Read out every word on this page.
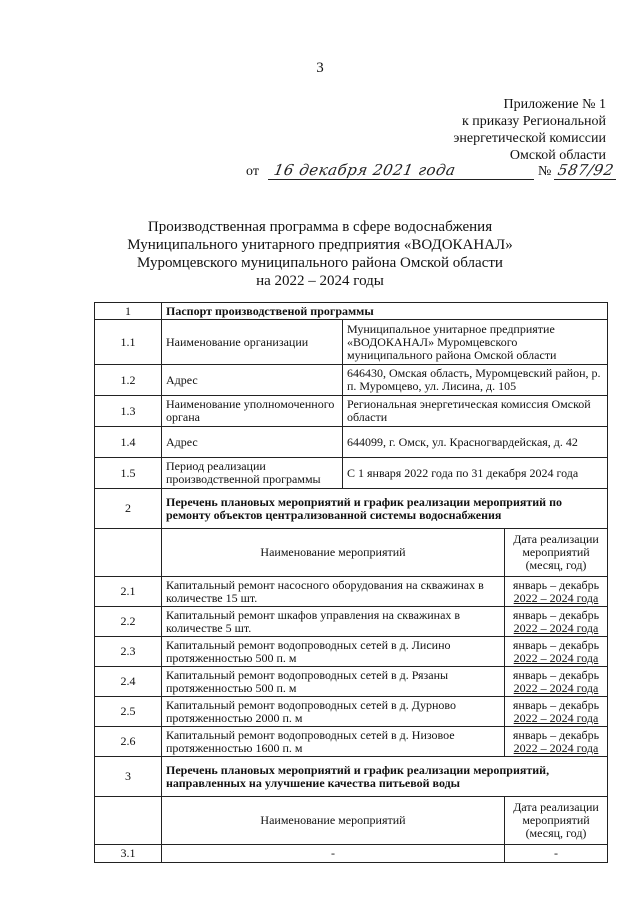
3
Приложение № 1
к приказу Региональной
энергетической комиссии
Омской области
от 16 декабря 2021 года	№ 587/92
Производственная программа в сфере водоснабжения
Муниципального унитарного предприятия «ВОДОКАНАЛ»
Муромцевского муниципального района Омской области
на 2022 – 2024 годы
1	Паспорт производственой программы		
1.1	Наименование организации	Муниципальное унитарное предприятие «ВОДОКАНАЛ» Муромцевского муниципального района Омской области	
1.2	Адрес	646430, Омская область, Муромцевский район, р. п. Муромцево, ул. Лисина, д. 105	
1.3	Наименование уполномоченного органа	Региональная энергетическая комиссия Омской области	
1.4	Адрес	644099, г. Омск, ул. Красногвардейская, д. 42	
1.5	Период реализации производственной программы	С 1 января 2022 года по 31 декабря 2024 года	
2	Перечень плановых мероприятий и график реализации мероприятий по ремонту объектов централизованной системы водоснабжения		
	Наименование мероприятий		Дата реализации мероприятий (месяц, год)
2.1	Капитальный ремонт насосного оборудования на скважинах в количестве 15 шт.		январь – декабрь
2022 – 2024 года

2.2	Капитальный ремонт шкафов управления на скважинах в количестве 5 шт.		январь – декабрь
2022 – 2024 года

2.3	Капитальный ремонт водопроводных сетей в д. Лисино протяженностью 500 п. м		январь – декабрь
2022 – 2024 года

2.4	Капитальный ремонт водопроводных сетей в д. Рязаны протяженностью 500 п. м		январь – декабрь
2022 – 2024 года

2.5	Капитальный ремонт водопроводных сетей в д. Дурново протяженностью 2000 п. м		январь – декабрь
2022 – 2024 года

2.6	Капитальный ремонт водопроводных сетей в д. Низовое протяженностью 1600 п. м		январь – декабрь
2022 – 2024 года

3	Перечень плановых мероприятий и график реализации мероприятий, направленных на улучшение качества питьевой воды		
	Наименование мероприятий		Дата реализации мероприятий (месяц, год)
3.1	-		-
